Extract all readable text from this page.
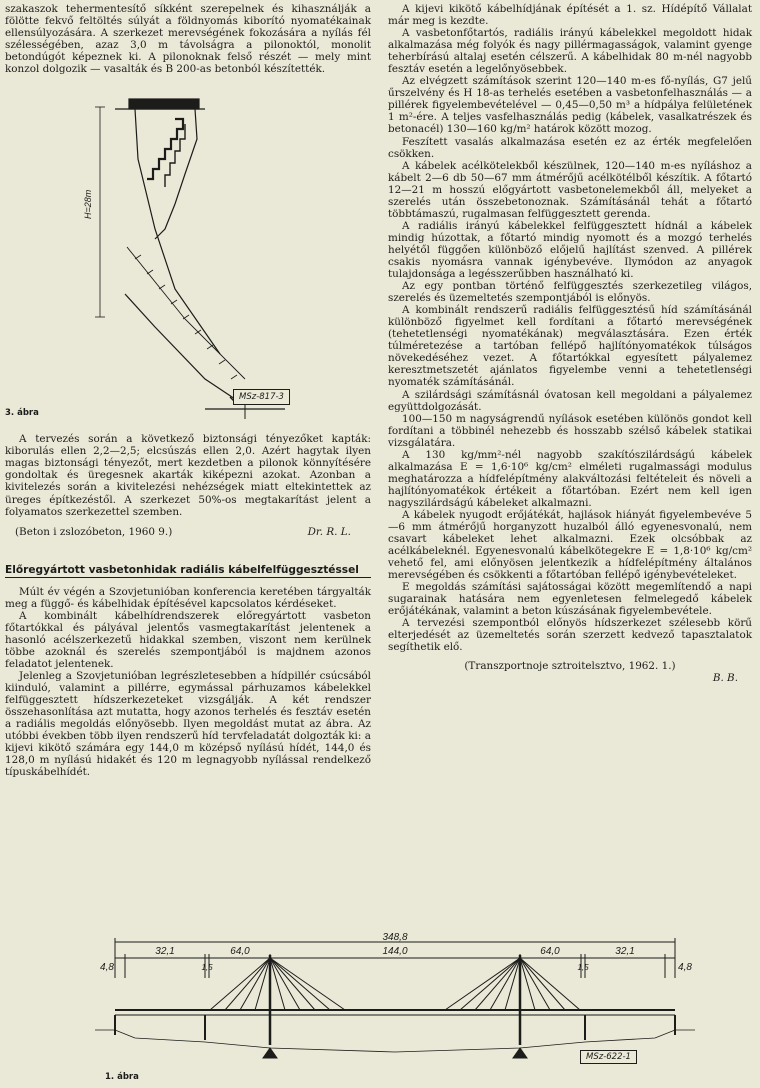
szakaszok tehermentesítő síkként szerepelnek és kihasználják a fölötte fekvő feltöltés súlyát a földnyomás kiborító nyomatékainak ellensúlyozására. A szerkezet merevségének fokozására a nyílás fél szélességében, azaz 3,0 m távolságra a pilonoktól, monolit betondúgót képeznek ki. A pilonoknak felső részét — mely mint konzol dolgozik — vasalták és B 200-as betonból készítették.

H=28m
MSz-817-3
3. ábra

A tervezés során a következő biztonsági tényezőket kapták: kiborulás ellen 2,2—2,5; elcsúszás ellen 2,0. Azért hagytak ilyen magas biztonsági tényezőt, mert kezdetben a pilonok könnyítésére gondoltak és üregesnek akarták kiképezni azokat. Azonban a kivitelezés során a kivitelezési nehézségek miatt eltekintettek az üreges építkezéstől. A szerkezet 50%-os megtakarítást jelent a folyamatos szerkezettel szemben.

(Beton i zslozóbeton, 1960 9.)	Dr. R. L.
Előregyártott vasbetonhidak radiális kábelfelfüggesztéssel

Múlt év végén a Szovjetunióban konferencia keretében tárgyalták meg a függő- és kábelhidak építésével kapcsolatos kérdéseket.

A kombinált kábelhídrendszerek előregyártott vasbeton főtartókkal és pályával jelentős vasmegtakarítást jelentenek a hasonló acélszerkezetű hidakkal szemben, viszont nem kerülnek többe azoknál és szerelés szempontjából is majdnem azonos feladatot jelentenek.

Jelenleg a Szovjetunióban legrészletesebben a hídpillér csúcsából kiinduló, valamint a pillérre, egymással párhuzamos kábelekkel felfüggesztett hídszerkezeteket vizsgálják. A két rendszer összehasonlítása azt mutatta, hogy azonos terhelés és fesztáv esetén a radiális megoldás előnyösebb. Ilyen megoldást mutat az ábra. Az utóbbi években több ilyen rendszerű híd tervfeladatát dolgozták ki: a kijevi kikötő számára egy 144,0 m középső nyílású hídét, 144,0 és 128,0 m nyílású hidakét és 120 m legnagyobb nyílással rendelkező típuskábelhídét.

A kijevi kikötő kábelhídjának építését a 1. sz. Hídépítő Vállalat már meg is kezdte.

A vasbetonfőtartós, radiális irányú kábelekkel megoldott hidak alkalmazása még folyók és nagy pillérmagasságok, valamint gyenge teherbírású altalaj esetén célszerű. A kábelhidak 80 m-nél nagyobb fesztáv esetén a legelőnyösebbek.

Az elvégzett számítások szerint 120—140 m-es fő-nyílás, G7 jelű űrszelvény és H 18-as terhelés esetében a vasbetonfelhasználás — a pillérek figyelembevételével — 0,45—0,50 m³ a hídpálya felületének 1 m²-ére. A teljes vasfelhasználás pedig (kábelek, vasalkatrészek és betonacél) 130—160 kg/m² határok között mozog.

Feszített vasalás alkalmazása esetén ez az érték megfelelően csökken.

A kábelek acélkötelekből készülnek, 120—140 m-es nyíláshoz a kábelt 2—6 db 50—67 mm átmérőjű acélkötélből készítik. A főtartó 12—21 m hosszú előgyártott vasbetonelemekből áll, melyeket a szerelés után összebetonoznak. Számításánál tehát a főtartó többtámaszú, rugalmasan felfüggesztett gerenda.

A radiális irányú kábelekkel felfüggesztett hídnál a kábelek mindig húzottak, a főtartó mindig nyomott és a mozgó terhelés helyétől függően különböző előjelű hajlítást szenved. A pillérek csakis nyomásra vannak igénybevéve. Ilymódon az anyagok tulajdonsága a legésszerűbben használható ki.

Az egy pontban történő felfüggesztés szerkezetileg világos, szerelés és üzemeltetés szempontjából is előnyös.

A kombinált rendszerű radiális felfüggesztésű híd számításánál különböző figyelmet kell fordítani a főtartó merevségének (tehetetlenségi nyomatékának) megválasztására. Ezen érték túlméretezése a tartóban fellépő hajlítónyomatékok túlságos növekedéséhez vezet. A főtartókkal egyesített pályalemez keresztmetszetét ajánlatos figyelembe venni a tehetetlenségi nyomaték számításánál.

A szilárdsági számításnál óvatosan kell megoldani a pályalemez együttdolgozását.

100—150 m nagyságrendű nyílások esetében különös gondot kell fordítani a többinél nehezebb és hosszabb szélső kábelek statikai vizsgálatára.

A 130 kg/mm²-nél nagyobb szakítószilárdságú kábelek alkalmazása E = 1,6·10⁶ kg/cm² elméleti rugalmassági modulus meghatározza a hídfelépítmény alakváltozási feltételeit és növeli a hajlítónyomatékok értékeit a főtartóban. Ezért nem kell igen nagyszilárdságú kábeleket alkalmazni.

A kábelek nyugodt erőjátékát, hajlások hiányát figyelembevéve 5—6 mm átmérőjű horganyzott huzalból álló egyenesvonalú, nem csavart kábeleket lehet alkalmazni. Ezek olcsóbbak az acélkábeleknél. Egyenesvonalú kábelkötegekre E = 1,8·10⁶ kg/cm² vehető fel, ami előnyösen jelentkezik a hídfelépítmény általános merevségében és csökkenti a főtartóban fellépő igénybevételeket.

E megoldás számítási sajátosságai között megemlítendő a napi sugarainak hatására nem egyenletesen felmelegedő kábelek erőjátékának, valamint a beton kúszásának figyelembevétele.

A tervezési szempontból előnyös hídszerkezet szélesebb körű elterjedését az üzemeltetés során szerzett kedvező tapasztalatok segíthetik elő.

(Transzportnoje sztroitelsztvo, 1962. 1.)

B. B.
348,8
4,8
32,1
1,5
64,0	144,0	64,0
1,5
32,1
4,8
MSz-622-1
1. ábra
